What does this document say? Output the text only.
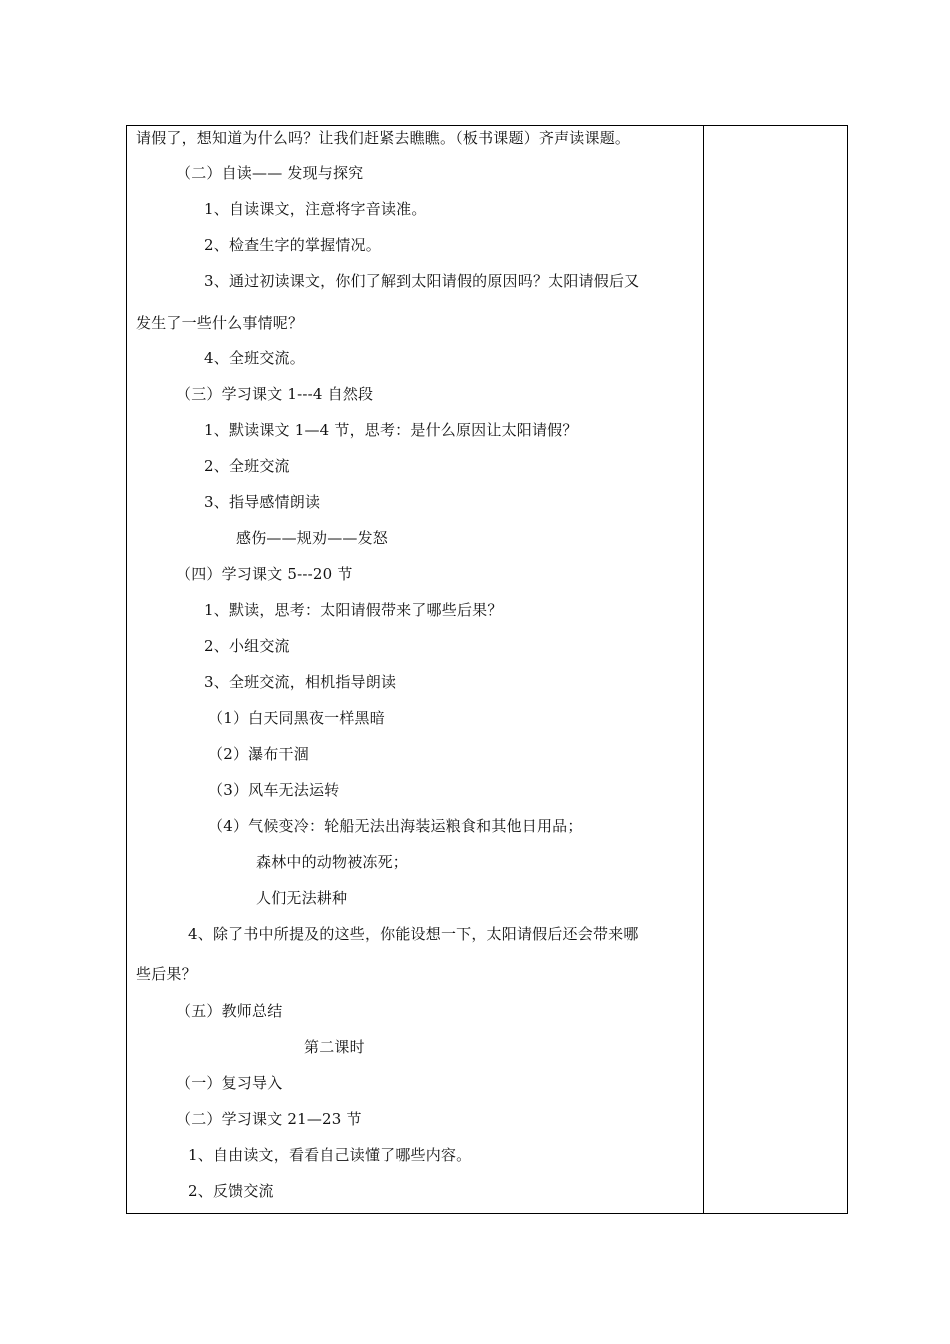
请假了，想知道为什么吗？让我们赶紧去瞧瞧。（板书课题）齐声读课题。
（二）自读—— 发现与探究
1、自读课文，注意将字音读准。
2、检查生字的掌握情况。
3、通过初读课文，你们了解到太阳请假的原因吗？太阳请假后又
发生了一些什么事情呢？
4、全班交流。
（三）学习课文 1---4 自然段
1、默读课文 1—4 节，思考：是什么原因让太阳请假？
2、全班交流
3、指导感情朗读
感伤——规劝——发怒
（四）学习课文 5---20 节
1、默读，思考：太阳请假带来了哪些后果？
2、小组交流
3、全班交流，相机指导朗读
（1）白天同黑夜一样黑暗
（2）瀑布干涸
（3）风车无法运转
（4）气候变冷：轮船无法出海装运粮食和其他日用品；
森林中的动物被冻死；
人们无法耕种
4、除了书中所提及的这些，你能设想一下，太阳请假后还会带来哪
些后果？
（五）教师总结
第二课时
（一）复习导入
（二）学习课文 21—23 节
1、自由读文，看看自己读懂了哪些内容。
2、反馈交流
